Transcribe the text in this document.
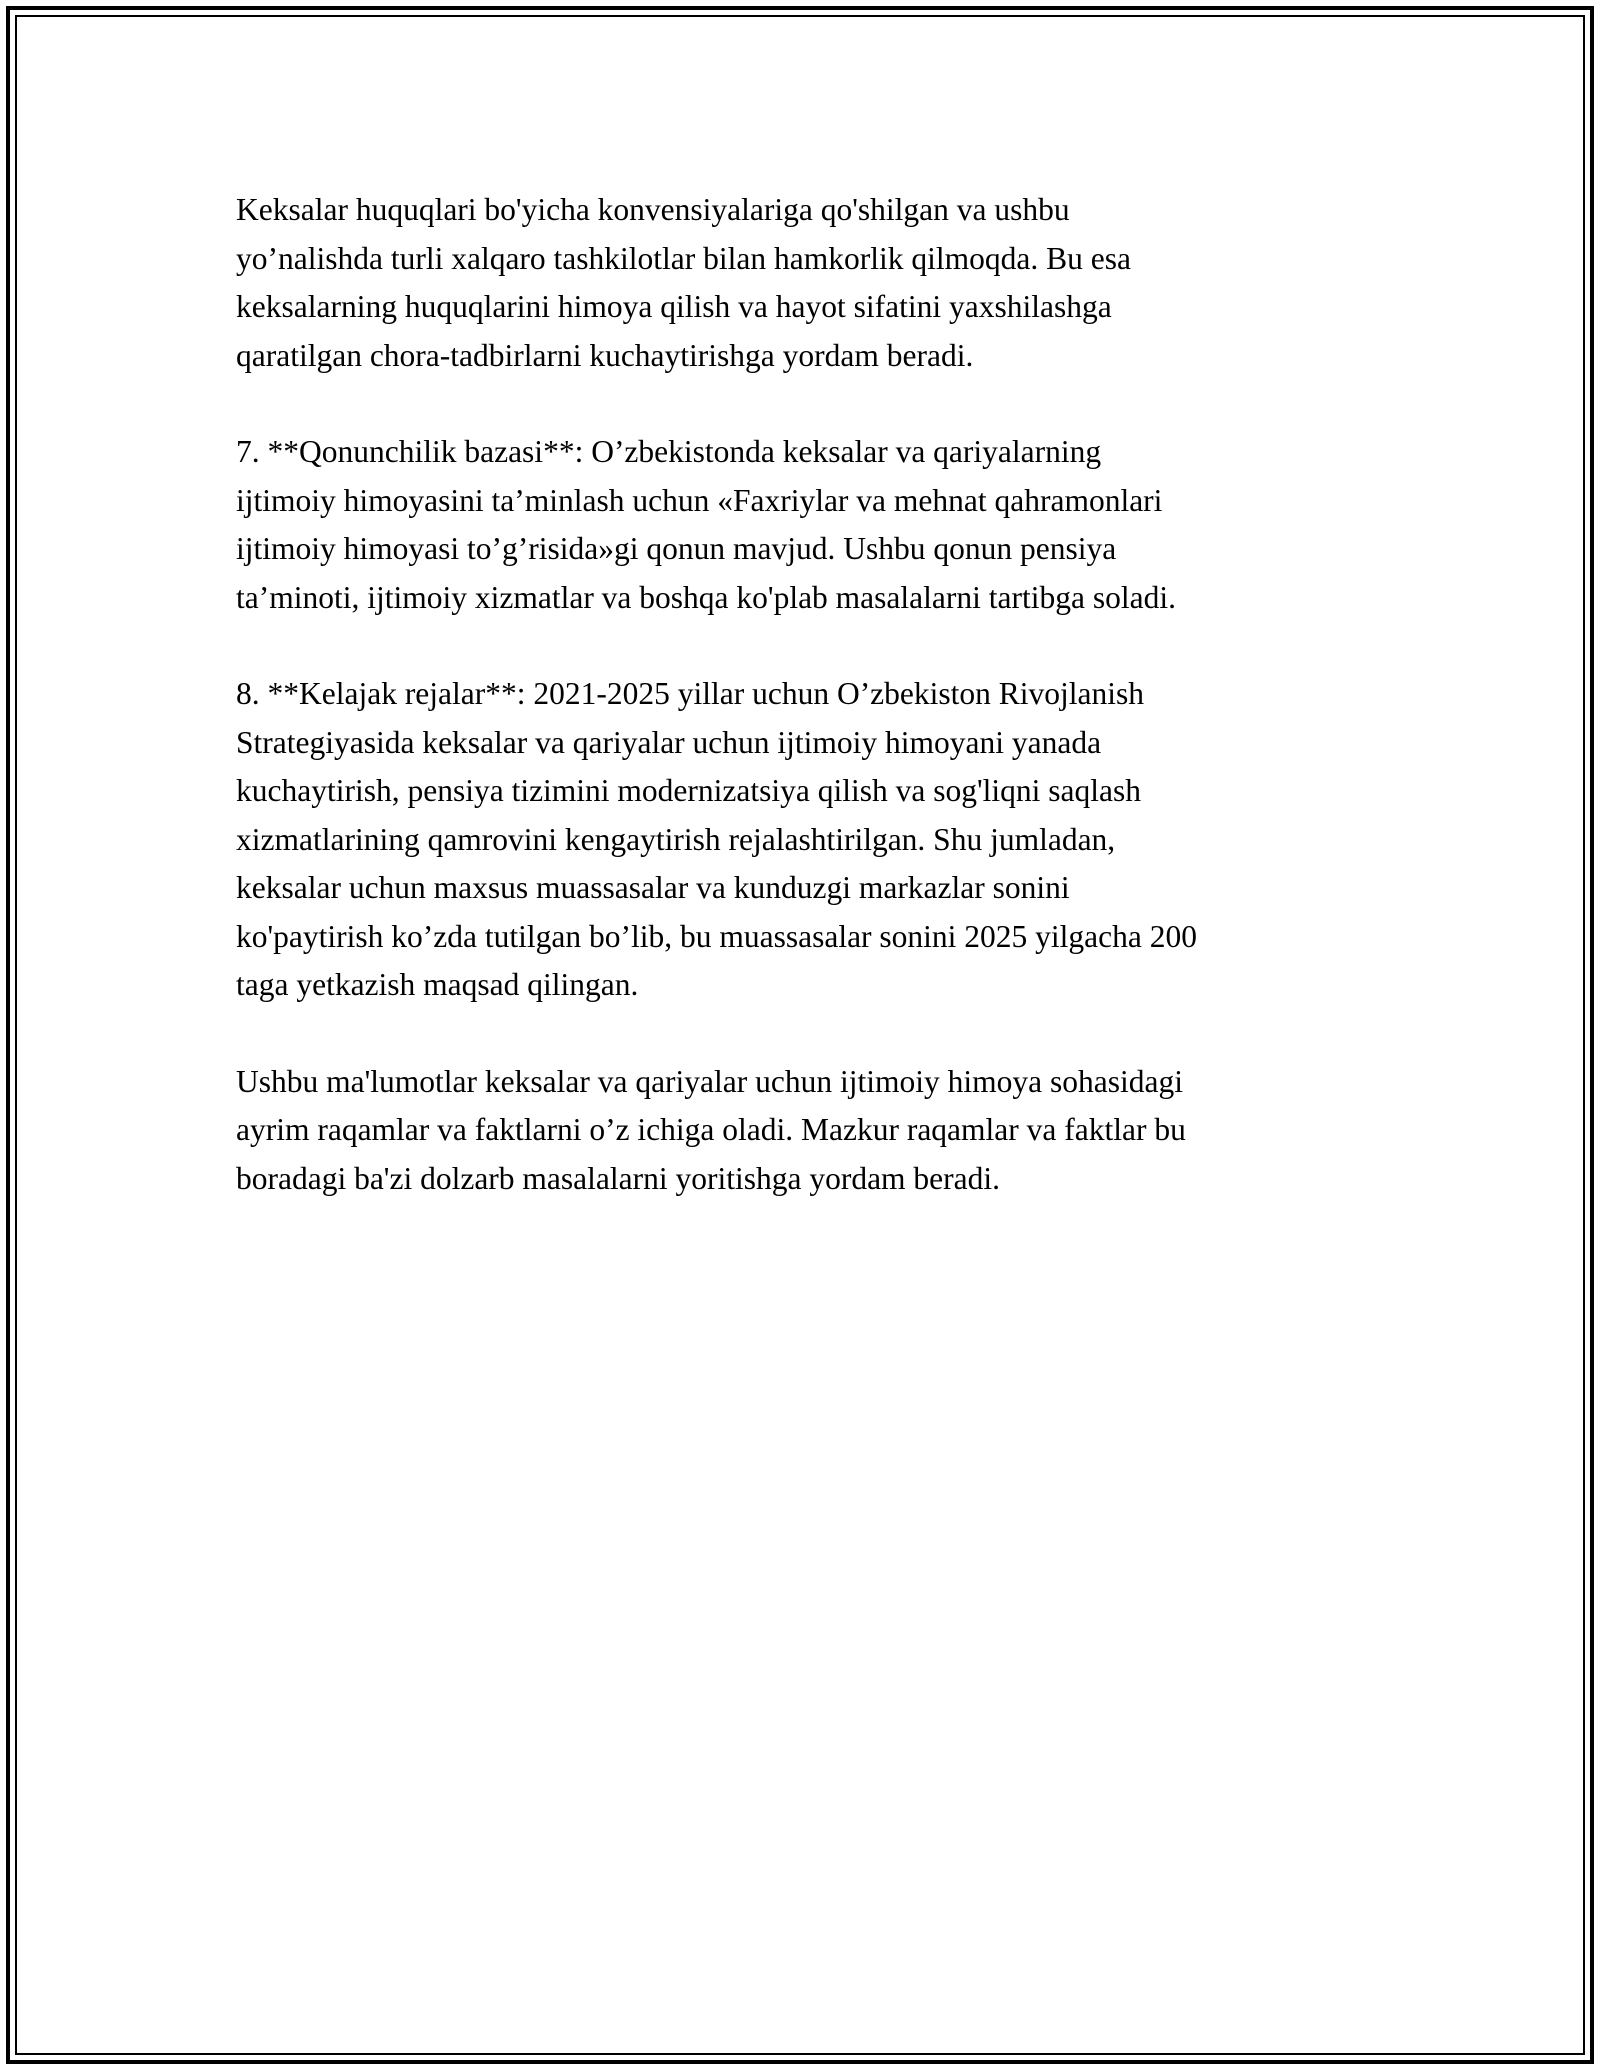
Keksalar huquqlari bo'yicha konvensiyalariga qo'shilgan va ushbu
yo’nalishda turli xalqaro tashkilotlar bilan hamkorlik qilmoqda. Bu esa
keksalarning huquqlarini himoya qilish va hayot sifatini yaxshilashga
qaratilgan chora-tadbirlarni kuchaytirishga yordam beradi.

7. **Qonunchilik bazasi**: O’zbekistonda keksalar va qariyalarning
ijtimoiy himoyasini ta’minlash uchun «Faxriylar va mehnat qahramonlari
ijtimoiy himoyasi to’g’risida»gi qonun mavjud. Ushbu qonun pensiya
ta’minoti, ijtimoiy xizmatlar va boshqa ko'plab masalalarni tartibga soladi.

8. **Kelajak rejalar**: 2021-2025 yillar uchun O’zbekiston Rivojlanish
Strategiyasida keksalar va qariyalar uchun ijtimoiy himoyani yanada
kuchaytirish, pensiya tizimini modernizatsiya qilish va sog'liqni saqlash
xizmatlarining qamrovini kengaytirish rejalashtirilgan. Shu jumladan,
keksalar uchun maxsus muassasalar va kunduzgi markazlar sonini
ko'paytirish ko’zda tutilgan bo’lib, bu muassasalar sonini 2025 yilgacha 200
taga yetkazish maqsad qilingan.

Ushbu ma'lumotlar keksalar va qariyalar uchun ijtimoiy himoya sohasidagi
ayrim raqamlar va faktlarni o’z ichiga oladi. Mazkur raqamlar va faktlar bu
boradagi ba'zi dolzarb masalalarni yoritishga yordam beradi.
